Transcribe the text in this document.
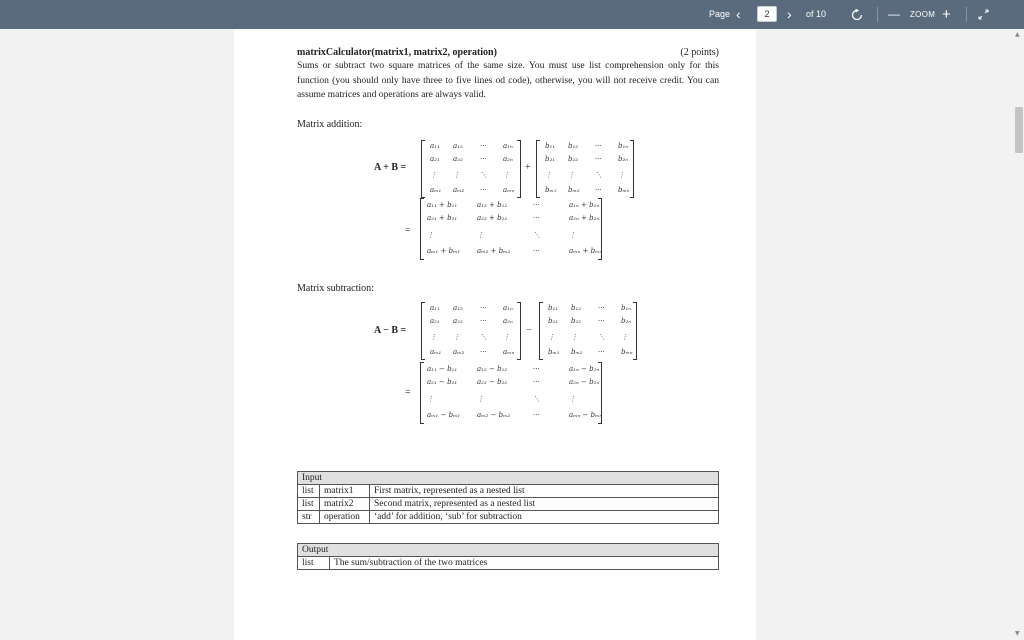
Page ‹	2	› of 10	— ZOOM +
matrixCalculator(matrix1, matrix2, operation)	(2 points)
Sums or subtract two square matrices of the same size. You must use list comprehension only for this function (you should only have three to five lines od code), otherwise, you will not receive credit. You can assume matrices and operations are always valid.
Matrix addition:
A + B =
a₁₁ a₁₂ ··· a₁ₙ
a₂₁ a₂₂ ··· a₂ₙ
⋮ ⋮	⋱ ⋮
aₘ₁ aₘ₂ ··· aₘₙ
+
b₁₁ b₁₂ ··· b₁ₙ
b₂₁ b₂₂ ··· b₂ₙ
⋮ ⋮	⋱ ⋮
bₘ₁ bₘ₂ ··· bₘₙ
=
a₁₁ + b₁₁	a₁₂ + b₁₂	···	a₁ₙ + b₁ₙ
a₂₁ + b₂₁	a₂₂ + b₂₂	···	a₂ₙ + b₂ₙ
⋮	⋮	⋱	⋮
aₘ₁ + bₘ₁ aₘ₂ + bₘ₂	···	aₘₙ + bₘₙ
Matrix subtraction:
A − B =
a₁₁ a₁₂ ··· a₁ₙ
a₂₁ a₂₂ ··· a₂ₙ
⋮ ⋮	⋱ ⋮
aₘ₁ aₘ₂ ··· aₘₙ
−
b₁₁ b₁₂ ··· b₁ₙ
b₂₁ b₂₂ ··· b₂ₙ
⋮ ⋮	⋱ ⋮
bₘ₁ bₘ₂ ··· bₘₙ
=
a₁₁ − b₁₁	a₁₂ − b₁₂	···	a₁ₙ − b₁ₙ
a₂₁ − b₂₁	a₂₂ − b₂₂	···	a₂ₙ − b₂ₙ
⋮	⋮	⋱	⋮
aₘ₁ − bₘ₁ aₘ₂ − bₘ₂	···	aₘₙ − bₘₙ
Input		
list	matrix1	First matrix, represented as a nested list
list	matrix2	Second matrix, represented as a nested list
str	operation	‘add’ for addition, ‘sub’ for subtraction
Output
list	The sum/subtraction of the two matrices
▲
▼
